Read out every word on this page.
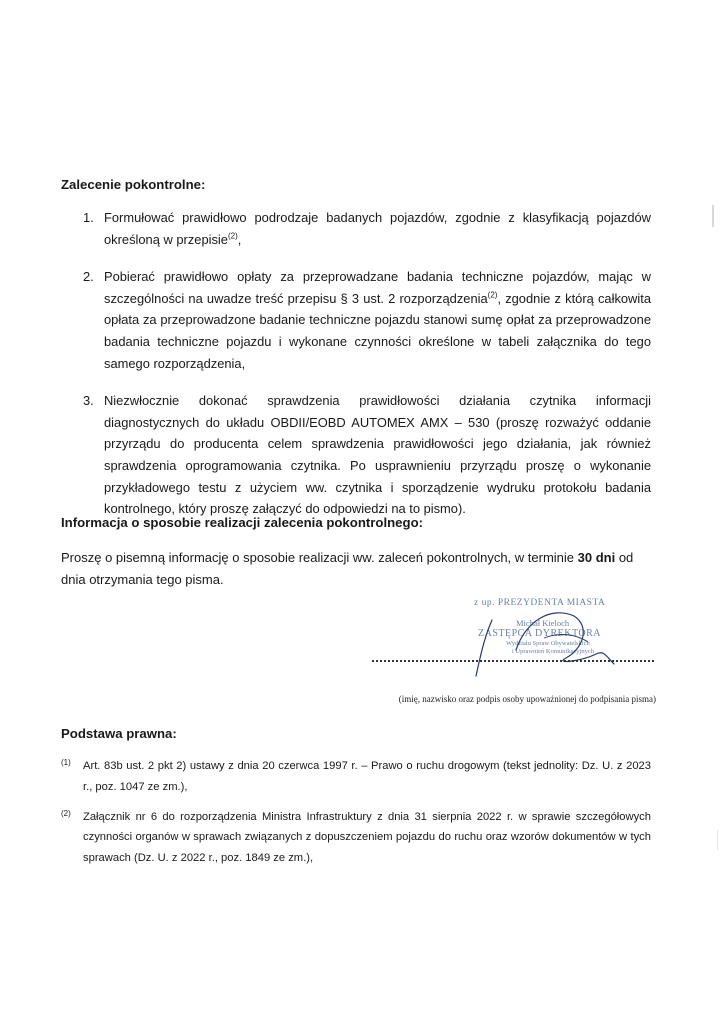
Zalecenie pokontrolne:
1. Formułować prawidłowo podrodzaje badanych pojazdów, zgodnie z klasyfikacją pojazdów określoną w przepisie$^{(2)}$,
2. Pobierać prawidłowo opłaty za przeprowadzane badania techniczne pojazdów, mając w szczególności na uwadze treść przepisu § 3 ust. 2 rozporządzenia$^{(2)}$, zgodnie z którą całkowita opłata za przeprowadzone badanie techniczne pojazdu stanowi sumę opłat za przeprowadzone badania techniczne pojazdu i wykonane czynności określone w tabeli załącznika do tego samego rozporządzenia,
3. Niezwłocznie dokonać sprawdzenia prawidłowości działania czytnika informacji diagnostycznych do układu OBDII/EOBD AUTOMEX AMX – 530 (proszę rozważyć oddanie przyrządu do producenta celem sprawdzenia prawidłowości jego działania, jak również sprawdzenia oprogramowania czytnika. Po usprawnieniu przyrządu proszę o wykonanie przykładowego testu z użyciem ww. czytnika i sporządzenie wydruku protokołu badania kontrolnego, który proszę załączyć do odpowiedzi na to pismo).
Informacja o sposobie realizacji zalecenia pokontrolnego:

Proszę o pisemną informację o sposobie realizacji ww. zaleceń pokontrolnych, w terminie 30 dni od dnia otrzymania tego pisma.

z up. PREZYDENTA MIASTA
Michał Kieloch
ZASTĘPCA DYREKTORA
Wydziału Spraw Obywatelskich
i Uprawnień Komunikacyjnych
(imię, nazwisko oraz podpis osoby upoważnionej do podpisania pisma)
Podstawa prawna:
(1) Art. 83b ust. 2 pkt 2) ustawy z dnia 20 czerwca 1997 r. – Prawo o ruchu drogowym (tekst jednolity: Dz. U. z 2023 r., poz. 1047 ze zm.),
(2) Załącznik nr 6 do rozporządzenia Ministra Infrastruktury z dnia 31 sierpnia 2022 r. w sprawie szczegółowych czynności organów w sprawach związanych z dopuszczeniem pojazdu do ruchu oraz wzorów dokumentów w tych sprawach (Dz. U. z 2022 r., poz. 1849 ze zm.),
